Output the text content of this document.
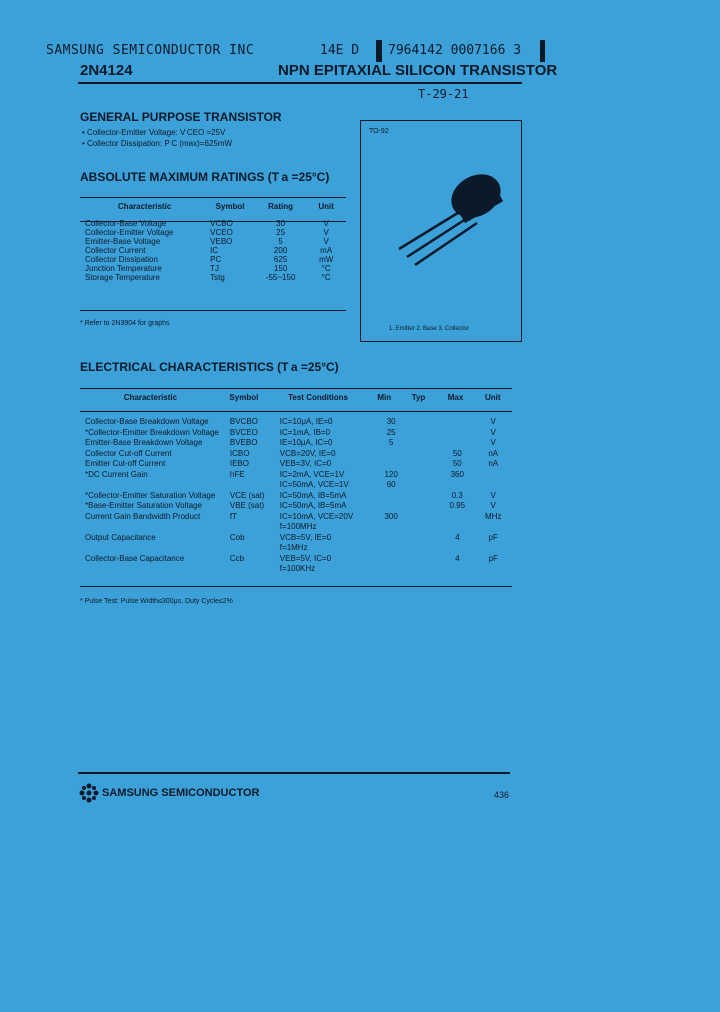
SAMSUNG SEMICONDUCTOR INC	14E D 7964142 0007166 3
2N4124	NPN EPITAXIAL SILICON TRANSISTOR
T-29-21
GENERAL PURPOSE TRANSISTOR
• Collector-Emitter Voltage: V CEO =25V
• Collector Dissipation: P C (max)=625mW
TO-92
1. Emitter 2. Base 3. Collector
ABSOLUTE MAXIMUM RATINGS (T a =25°C)
Characteristic	Symbol	Rating	Unit

Collector-Base Voltage	VCBO	30	V
Collector-Emitter Voltage	VCEO	25	V
Emitter-Base Voltage	VEBO	5	V
Collector Current	IC	200	mA
Collector Dissipation	PC	625	mW
Junction Temperature	TJ	150	°C
Storage Temperature	Tstg	-55~150	°C
* Refer to 2N3904 for graphs
ELECTRICAL CHARACTERISTICS (T a =25°C)
Characteristic	Symbol	Test Conditions	Min	Typ	Max	Unit

Collector-Base Breakdown Voltage	BVCBO	IC=10μA, IE=0	30			V
*Collector-Emitter Breakdown Voltage	BVCEO	IC=1mA, IB=0	25			V
Emitter-Base Breakdown Voltage	BVEBO	IE=10μA, IC=0	5			V
Collector Cut-off Current	ICBO	VCB=20V, IE=0			50	nA
Emitter Cut-off Current	IEBO	VEB=3V, IC=0			50	nA
*DC Current Gain	hFE	IC=2mA, VCE=1V	120		360	
		IC=50mA, VCE=1V	60			
*Collector-Emitter Saturation Voltage	VCE (sat)	IC=50mA, IB=5mA			0.3	V
*Base-Emitter Saturation Voltage	VBE (sat)	IC=50mA, IB=5mA			0.95	V
Current Gain Bandwidth Product	fT	IC=10mA, VCE=20V	300			MHz
		f=100MHz				
Output Capacitance	Cob	VCB=5V, IE=0			4	pF
		f=1MHz				
Collector-Base Capacitance	Ccb	VEB=5V, IC=0			4	pF
		f=100KHz				
* Pulse Test: Pulse Width≤300μs, Duty Cycle≤2%
SAMSUNG SEMICONDUCTOR	436
